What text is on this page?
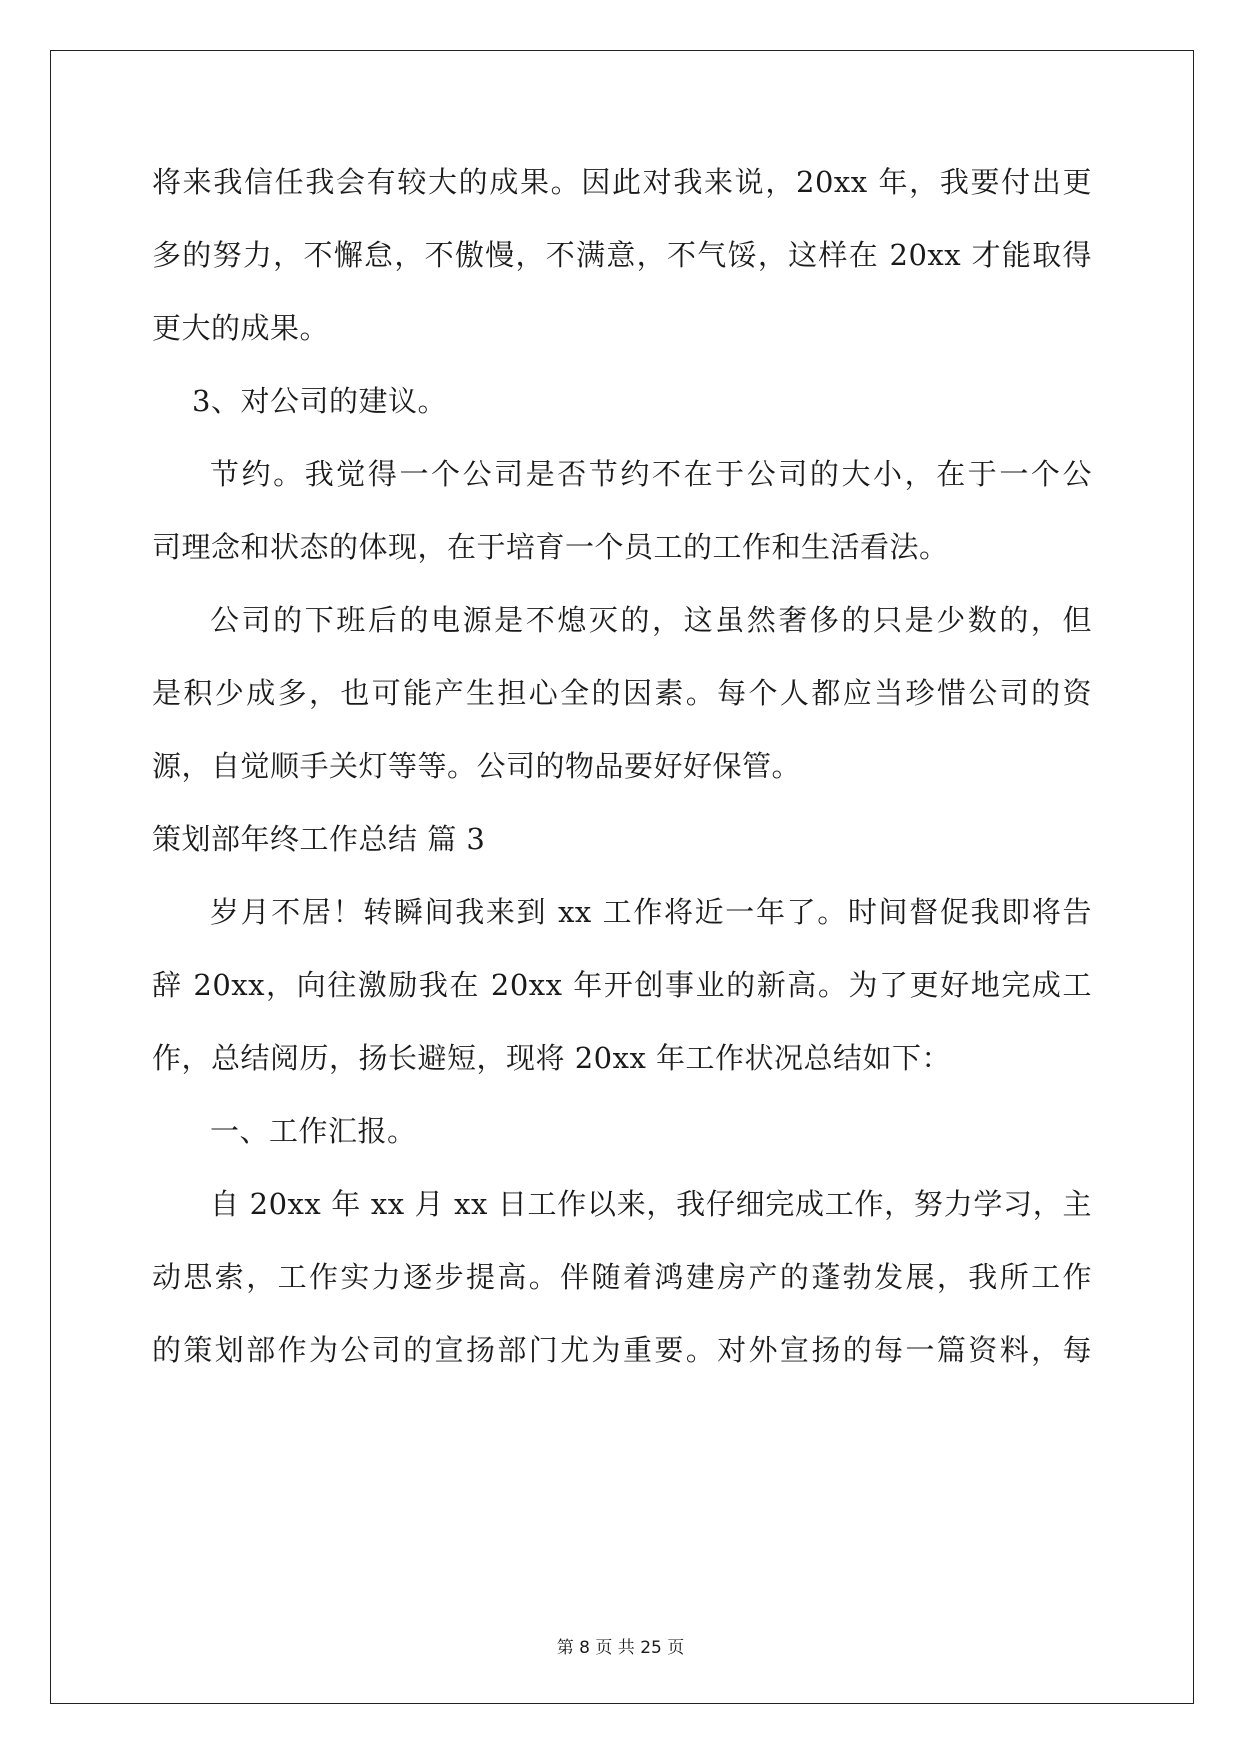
将来我信任我会有较大的成果。因此对我来说，20xx 年，我要付出更
多的努力，不懈怠，不傲慢，不满意，不气馁，这样在 20xx 才能取得
更大的成果。
3、对公司的建议。
节约。我觉得一个公司是否节约不在于公司的大小，在于一个公
司理念和状态的体现，在于培育一个员工的工作和生活看法。
公司的下班后的电源是不熄灭的，这虽然奢侈的只是少数的，但
是积少成多，也可能产生担心全的因素。每个人都应当珍惜公司的资
源，自觉顺手关灯等等。公司的物品要好好保管。
策划部年终工作总结 篇 3
岁月不居！转瞬间我来到 xx 工作将近一年了。时间督促我即将告
辞 20xx，向往激励我在 20xx 年开创事业的新高。为了更好地完成工
作，总结阅历，扬长避短，现将 20xx 年工作状况总结如下：
一、工作汇报。
自 20xx 年 xx 月 xx 日工作以来，我仔细完成工作，努力学习，主
动思索，工作实力逐步提高。伴随着鸿建房产的蓬勃发展，我所工作
的策划部作为公司的宣扬部门尤为重要。对外宣扬的每一篇资料，每
第 8 页 共 25 页
